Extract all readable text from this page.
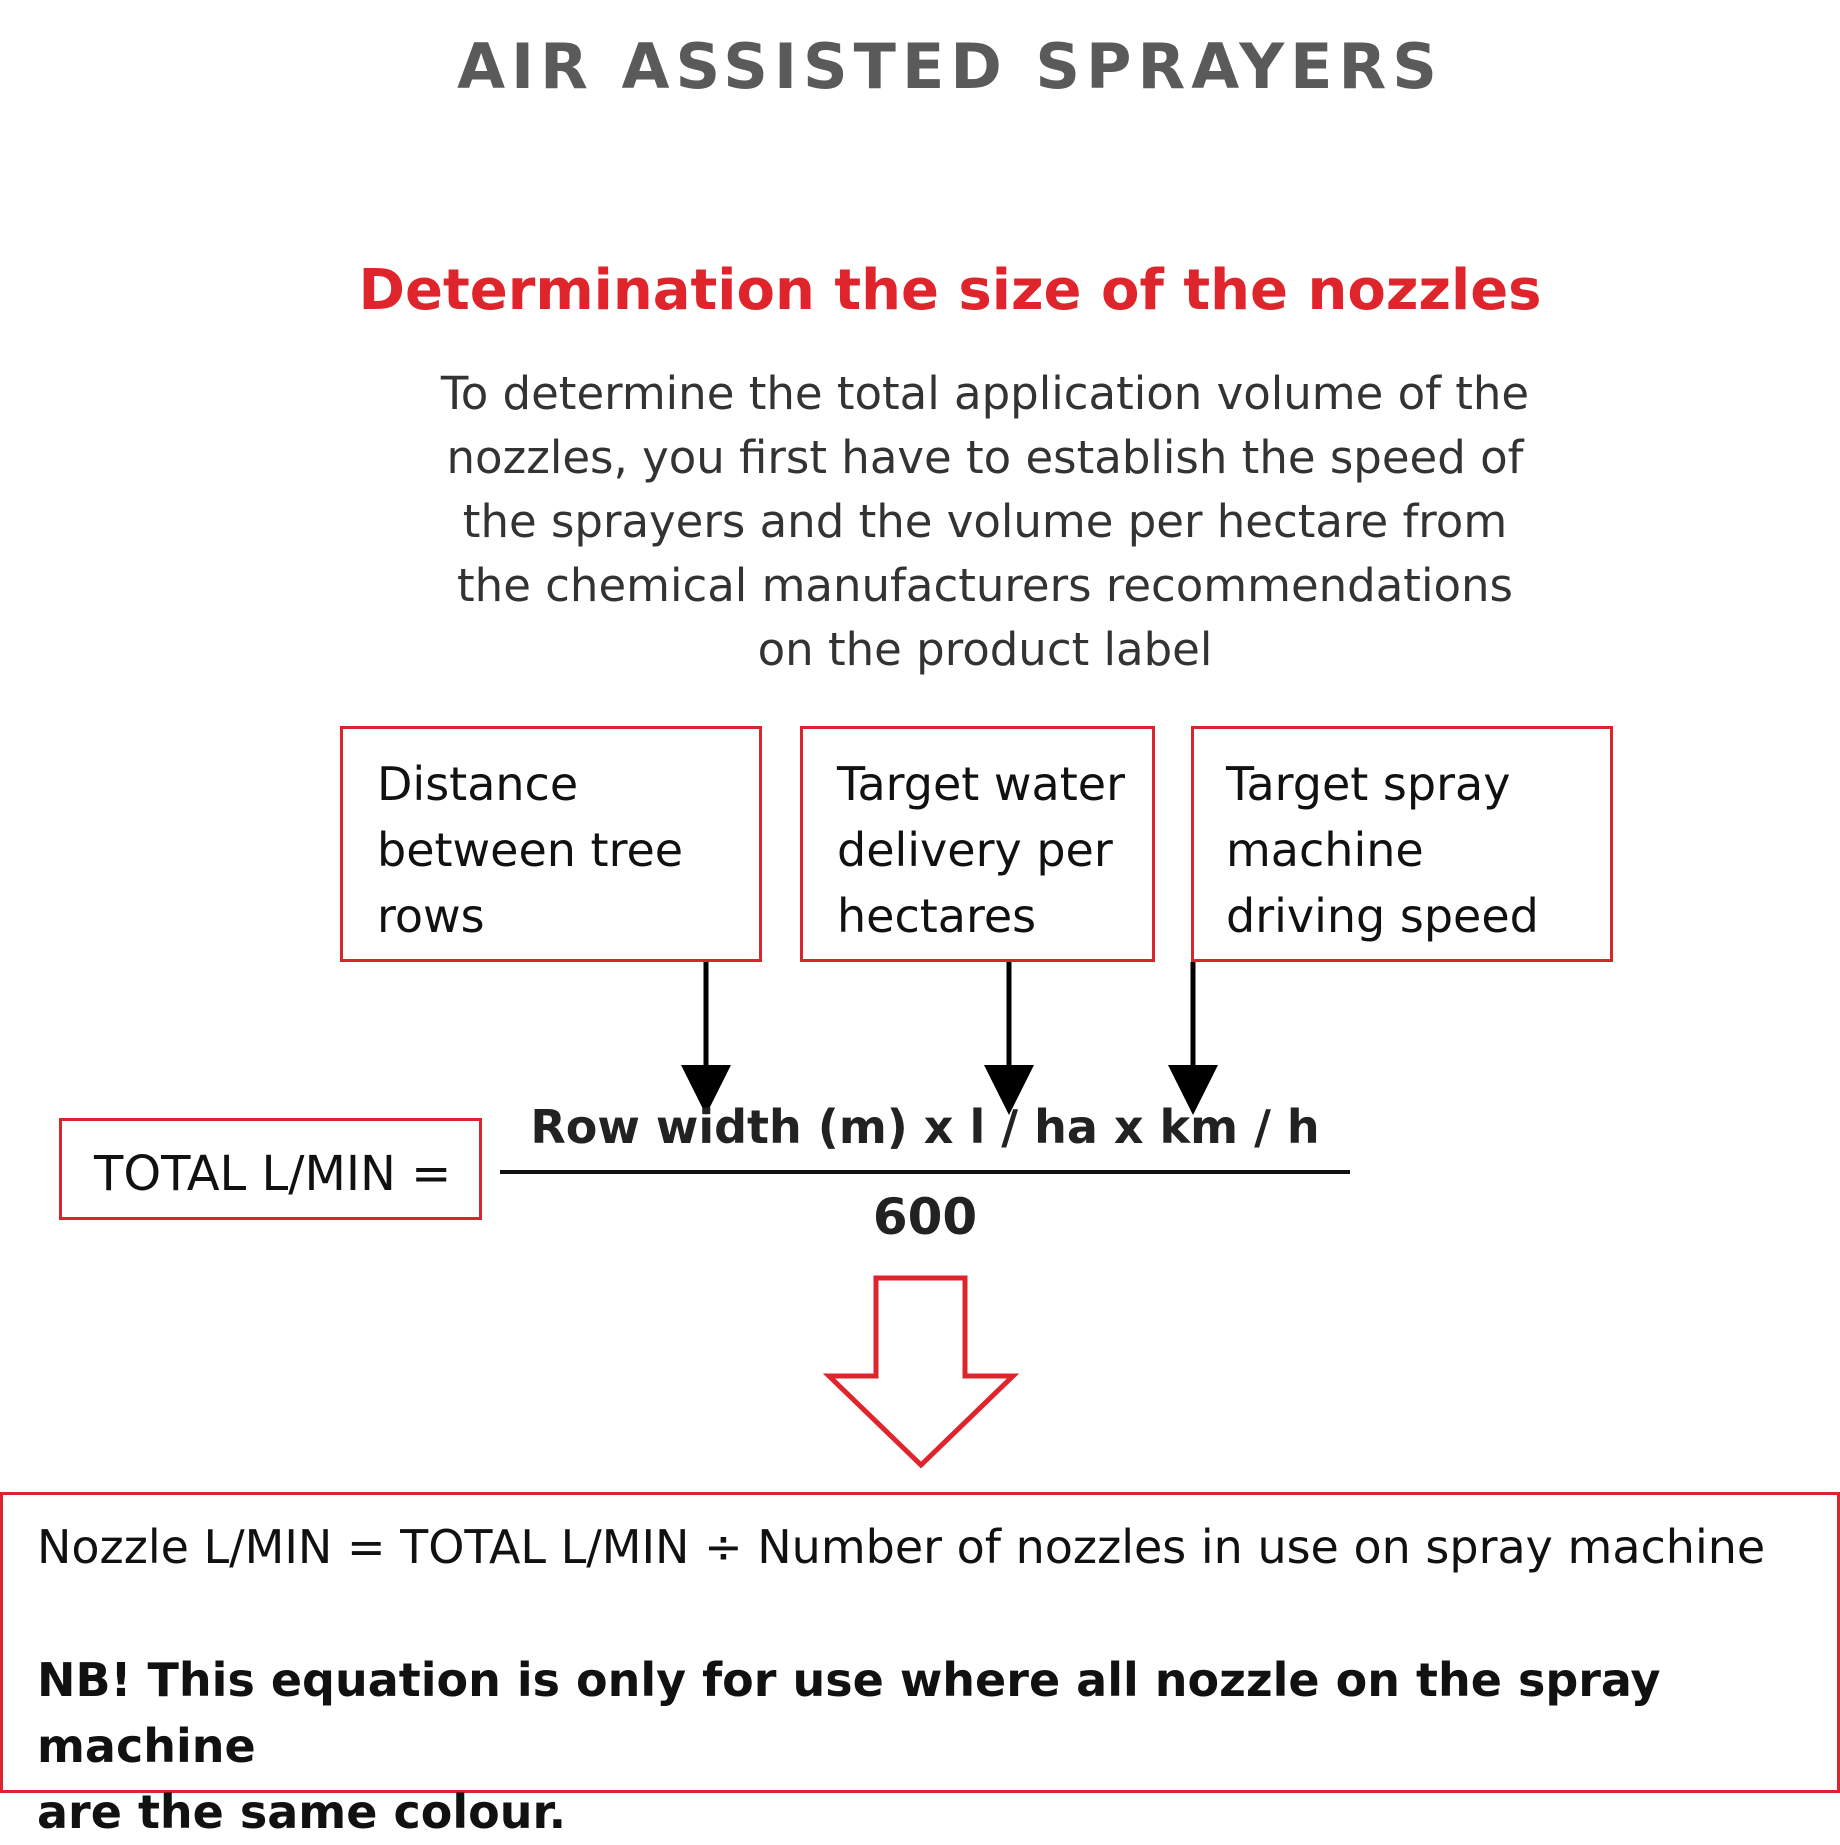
AIR ASSISTED SPRAYERS
Determination the size of the nozzles
To determine the total application volume of the
nozzles, you first have to establish the speed of
the sprayers and the volume per hectare from
the chemical manufacturers recommendations
on the product label
Distance
between tree
rows
Target water
delivery per
hectares
Target spray
machine
driving speed
TOTAL L/MIN =
Row width (m) x l / ha x km / h
600
Nozzle L/MIN = TOTAL L/MIN ÷ Number of nozzles in use on spray machine
NB! This equation is only for use where all nozzle on the spray machine
are the same colour.
